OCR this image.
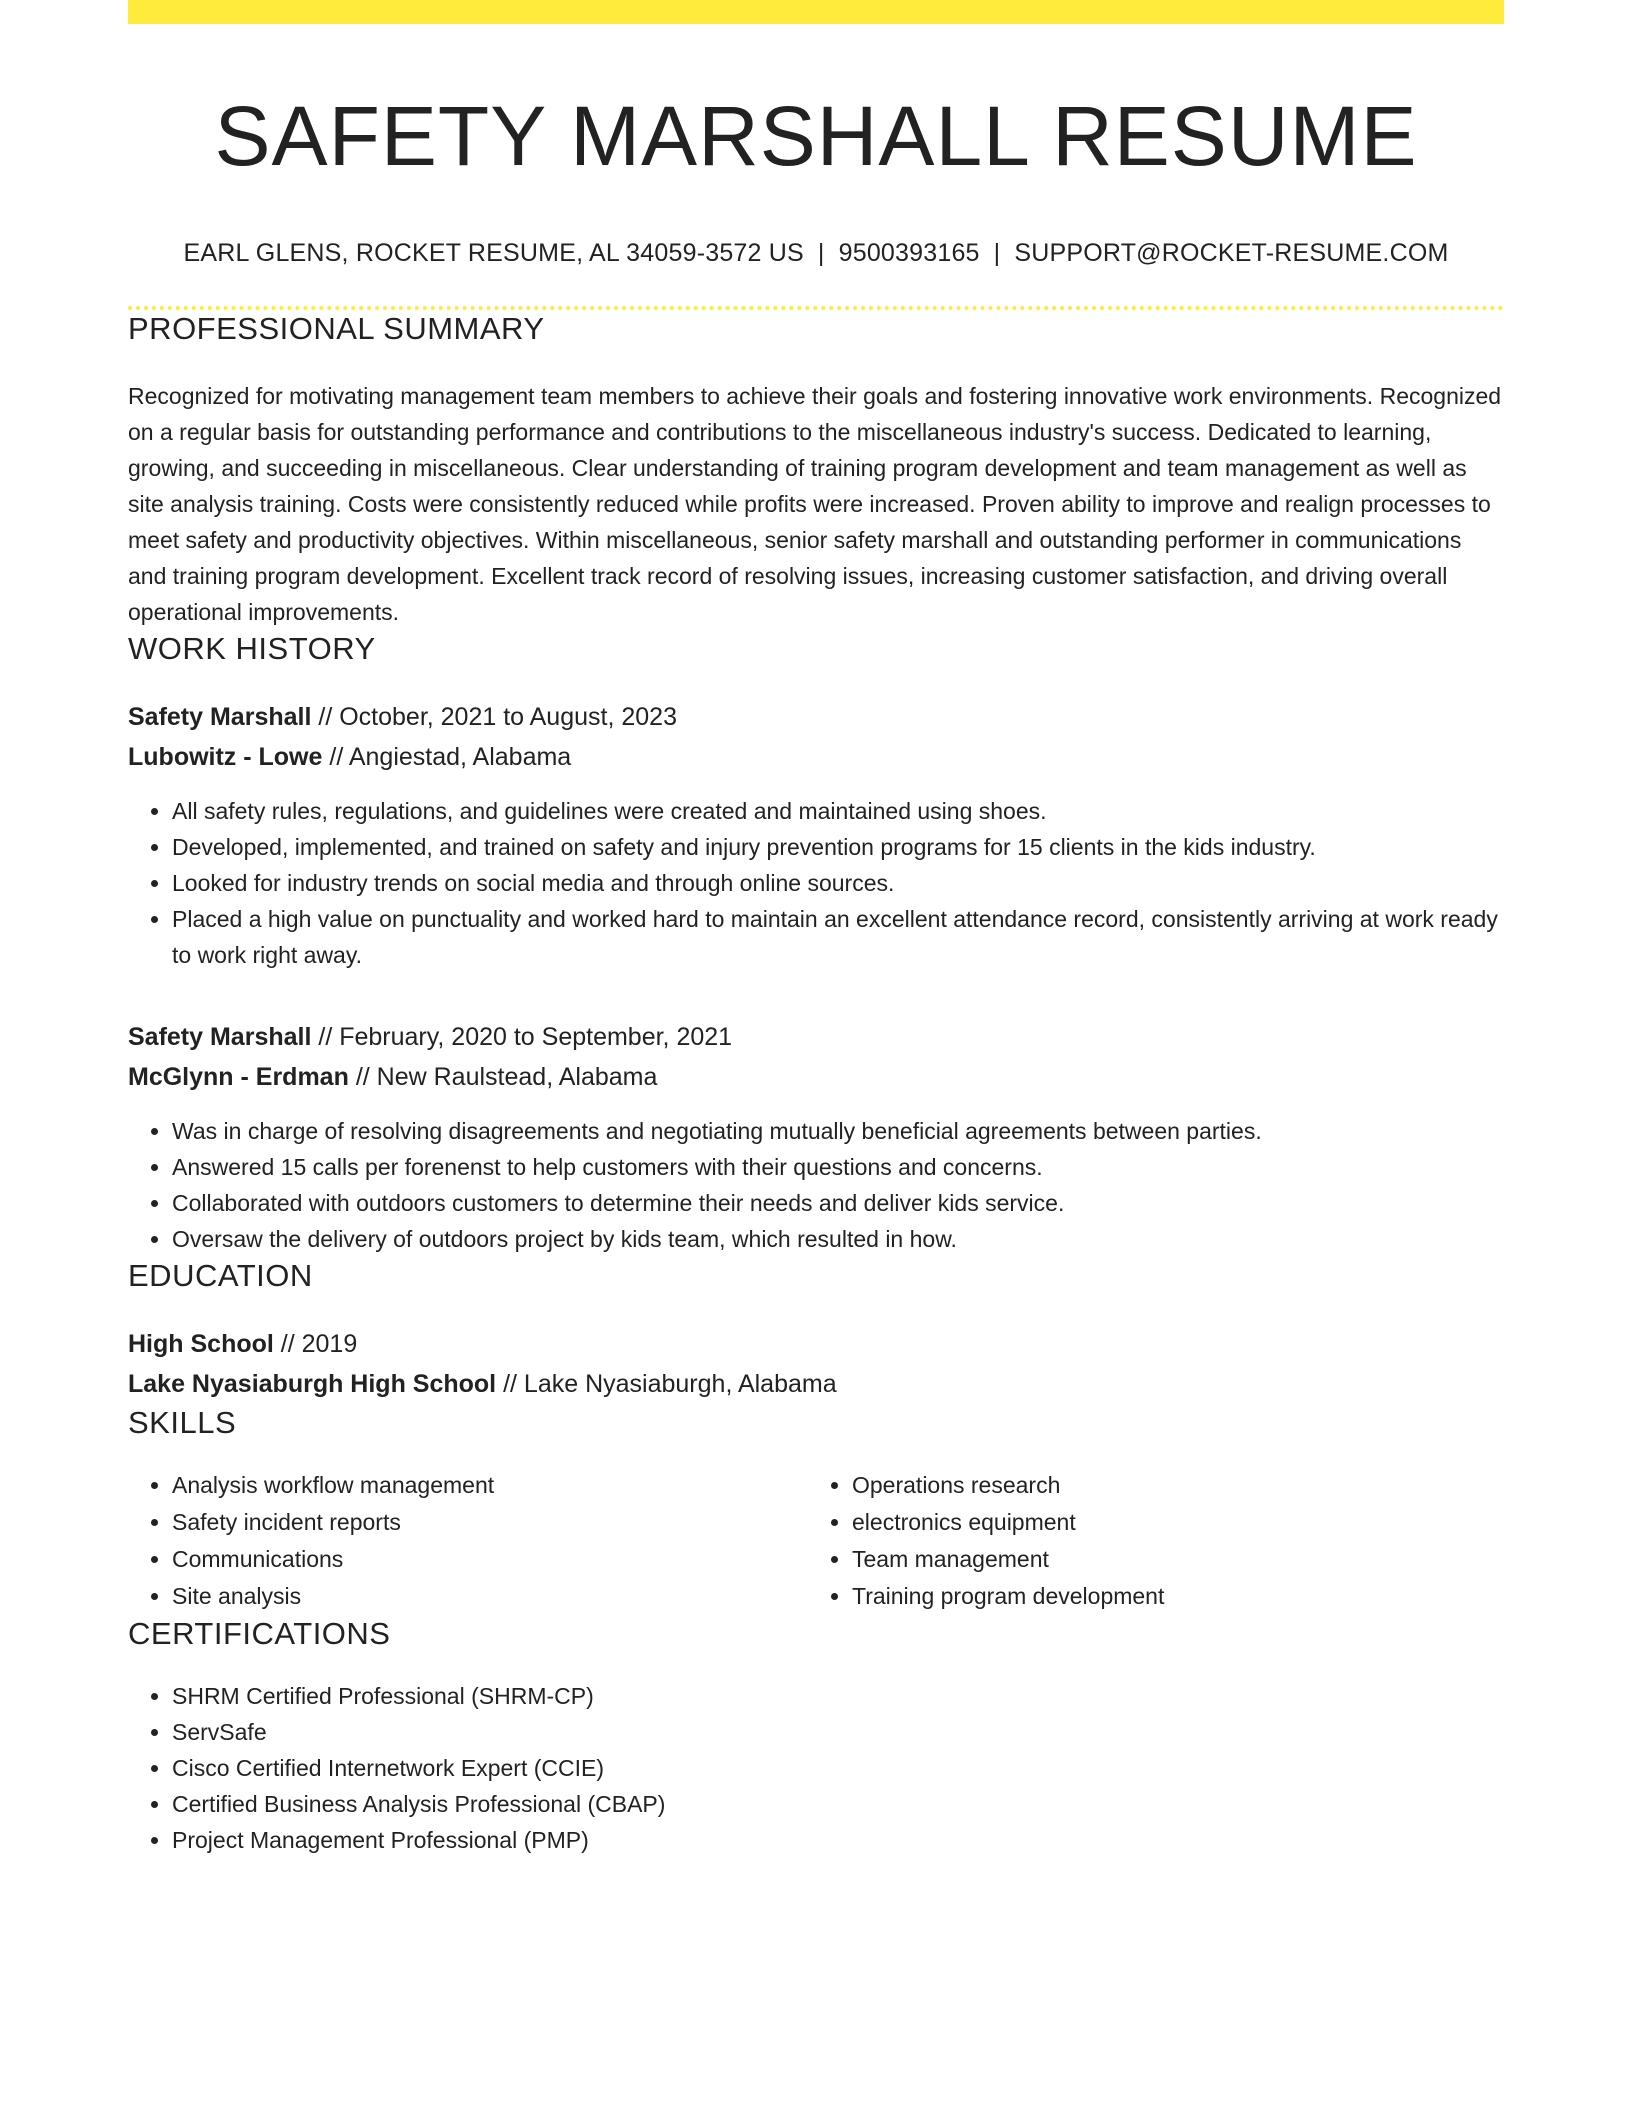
SAFETY MARSHALL RESUME
EARL GLENS, ROCKET RESUME, AL 34059-3572 US | 9500393165 | SUPPORT@ROCKET-RESUME.COM
PROFESSIONAL SUMMARY

Recognized for motivating management team members to achieve their goals and fostering innovative work environments. Recognized on a regular basis for outstanding performance and contributions to the miscellaneous industry's success. Dedicated to learning, growing, and succeeding in miscellaneous. Clear understanding of training program development and team management as well as site analysis training. Costs were consistently reduced while profits were increased. Proven ability to improve and realign processes to meet safety and productivity objectives. Within miscellaneous, senior safety marshall and outstanding performer in communications and training program development. Excellent track record of resolving issues, increasing customer satisfaction, and driving overall operational improvements.

WORK HISTORY
Safety Marshall // October, 2021 to August, 2023
Lubowitz - Lowe // Angiestad, Alabama
• All safety rules, regulations, and guidelines were created and maintained using shoes.
• Developed, implemented, and trained on safety and injury prevention programs for 15 clients in the kids industry.
• Looked for industry trends on social media and through online sources.
• Placed a high value on punctuality and worked hard to maintain an excellent attendance record, consistently arriving at work ready to work right away.
Safety Marshall // February, 2020 to September, 2021
McGlynn - Erdman // New Raulstead, Alabama
• Was in charge of resolving disagreements and negotiating mutually beneficial agreements between parties.
• Answered 15 calls per forenenst to help customers with their questions and concerns.
• Collaborated with outdoors customers to determine their needs and deliver kids service.
• Oversaw the delivery of outdoors project by kids team, which resulted in how.
EDUCATION
High School // 2019
Lake Nyasiaburgh High School // Lake Nyasiaburgh, Alabama
SKILLS
• Analysis workflow management
• Safety incident reports
• Communications
• Site analysis
• Operations research
• electronics equipment
• Team management
• Training program development
CERTIFICATIONS
• SHRM Certified Professional (SHRM-CP)
• ServSafe
• Cisco Certified Internetwork Expert (CCIE)
• Certified Business Analysis Professional (CBAP)
• Project Management Professional (PMP)
